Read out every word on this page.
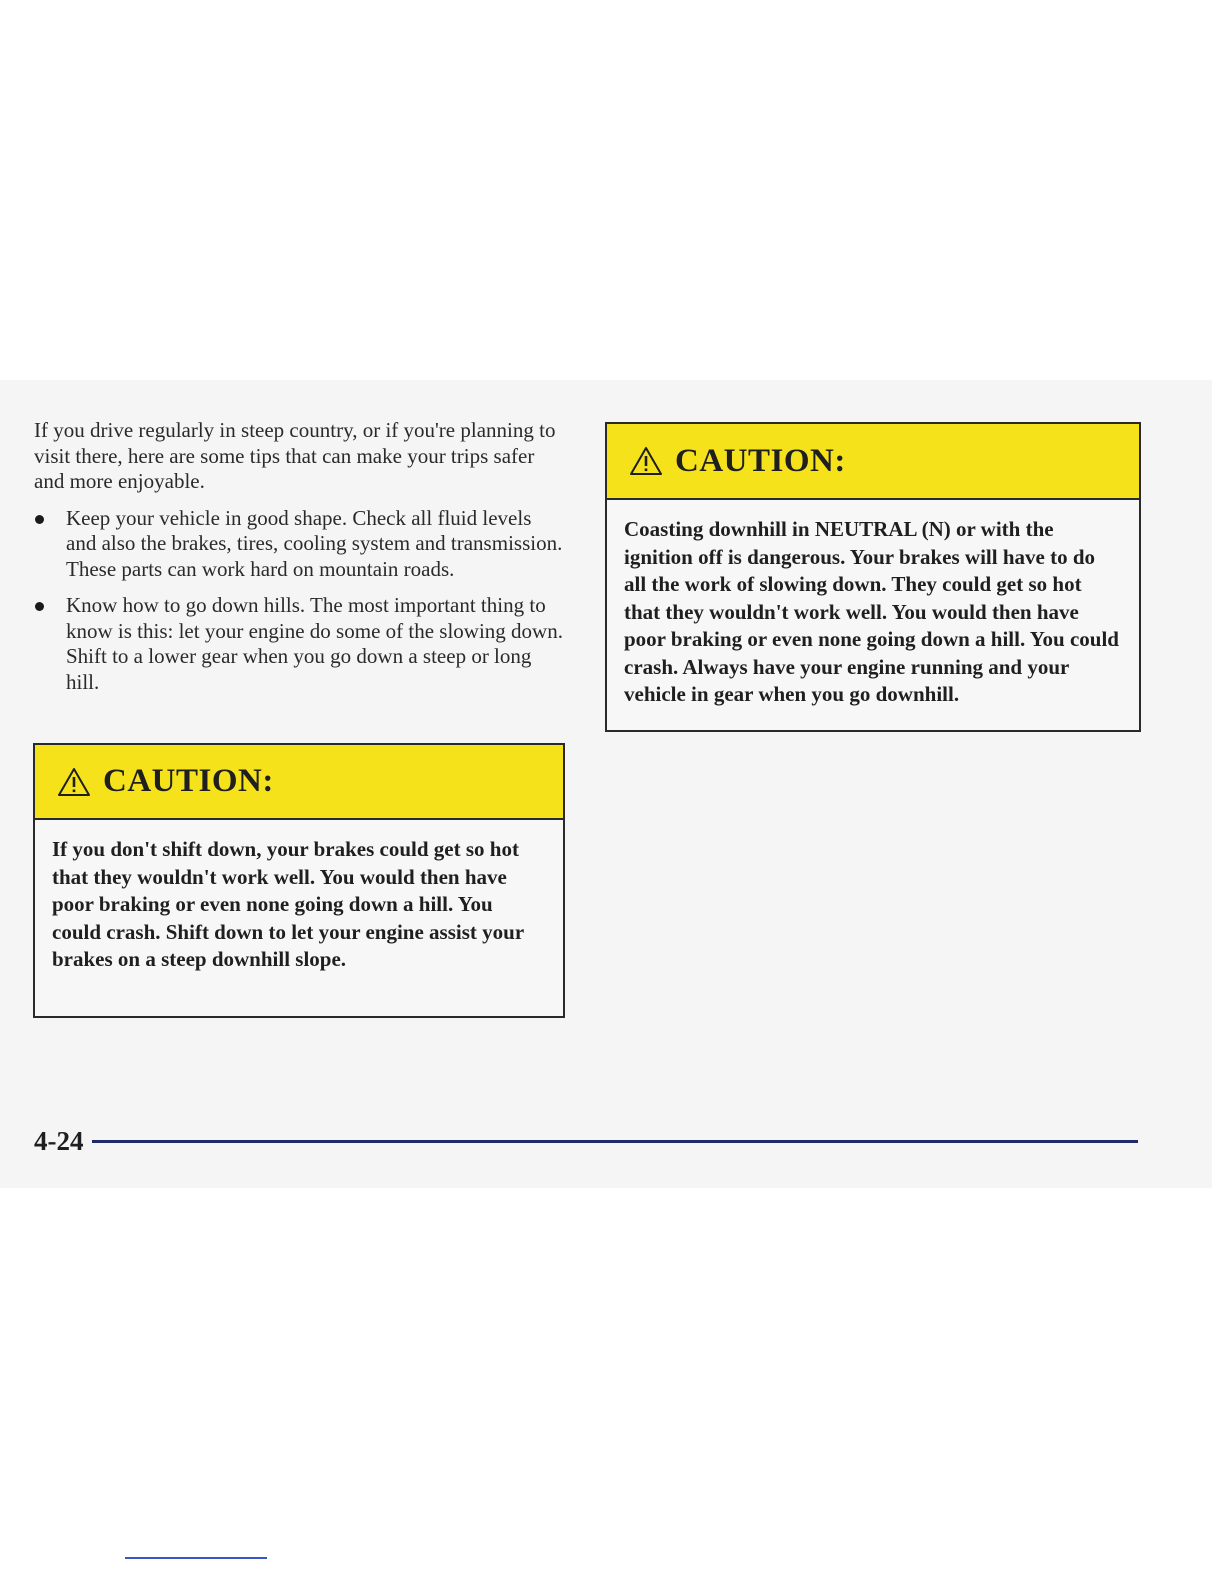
If you drive regularly in steep country, or if you're planning to visit there, here are some tips that can make your trips safer and more enjoyable.

Keep your vehicle in good shape. Check all fluid levels and also the brakes, tires, cooling system and transmission. These parts can work hard on mountain roads.
Know how to go down hills. The most important thing to know is this: let your engine do some of the slowing down. Shift to a lower gear when you go down a steep or long hill.
CAUTION:

If you don't shift down, your brakes could get so hot that they wouldn't work well. You would then have poor braking or even none going down a hill. You could crash. Shift down to let your engine assist your brakes on a steep downhill slope.

CAUTION:

Coasting downhill in NEUTRAL (N) or with the ignition off is dangerous. Your brakes will have to do all the work of slowing down. They could get so hot that they wouldn't work well. You would then have poor braking or even none going down a hill. You could crash. Always have your engine running and your vehicle in gear when you go downhill.

4-24
